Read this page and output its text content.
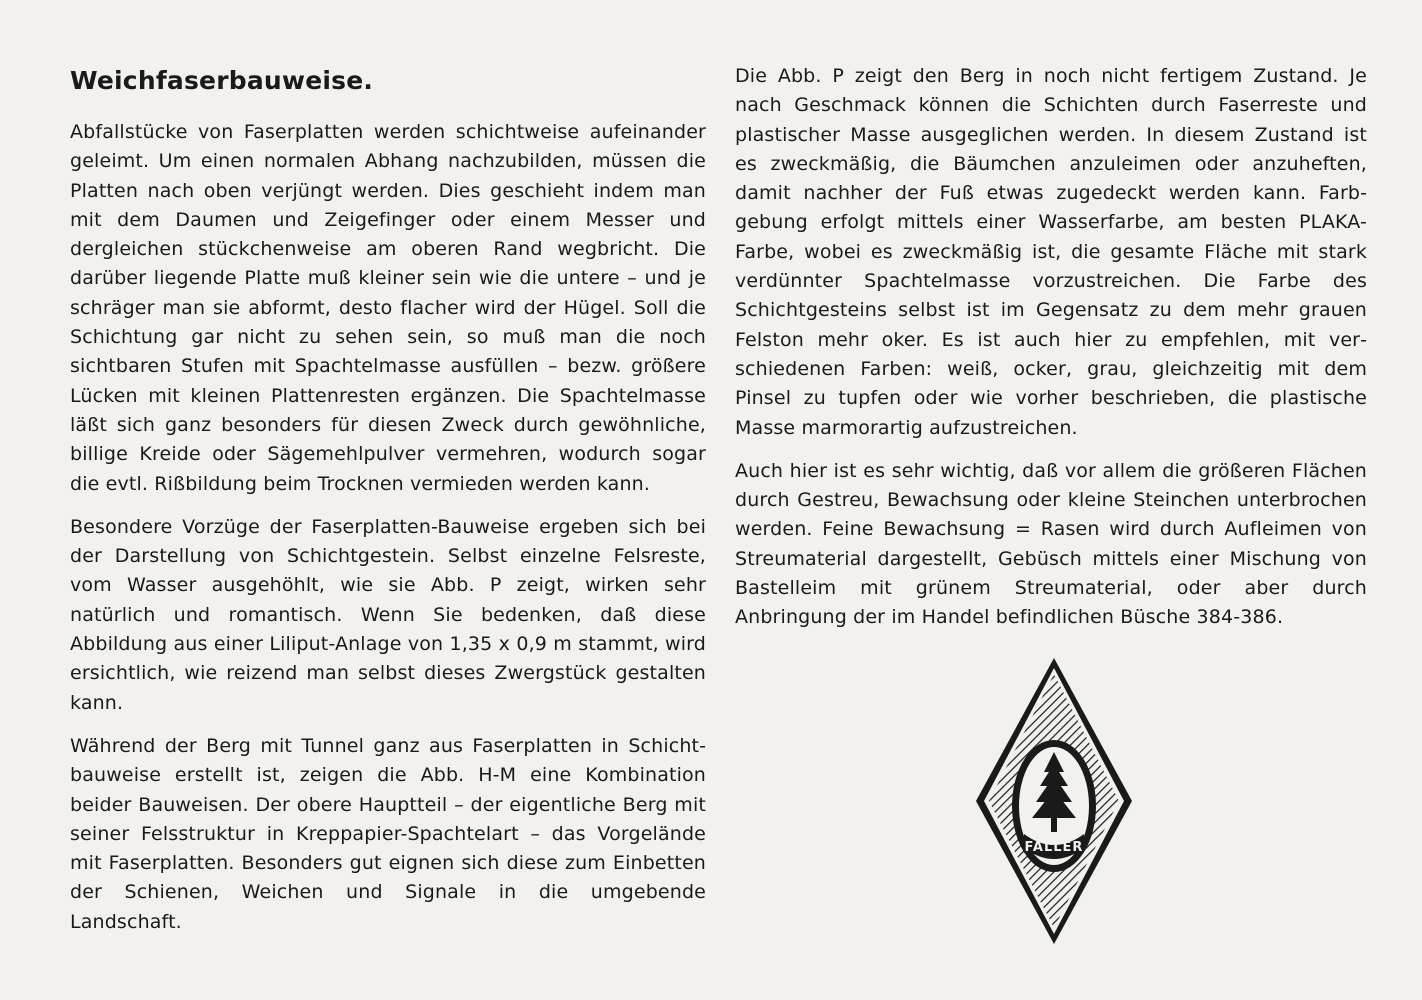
Weichfaserbauweise.

Abfallstücke von Faserplatten werden schichtweise aufeinander geleimt. Um einen normalen Abhang nachzubilden, müssen die Platten nach oben verjüngt werden. Dies geschieht indem man mit dem Daumen und Zeigefinger oder einem Messer und dergleichen stückchenweise am oberen Rand wegbricht. Die darüber liegende Platte muß kleiner sein wie die untere – und je schräger man sie abformt, desto flacher wird der Hügel. Soll die Schichtung gar nicht zu sehen sein, so muß man die noch sichtbaren Stufen mit Spachtelmasse ausfüllen – bezw. größere Lücken mit kleinen Plattenresten ergänzen. Die Spachtelmasse läßt sich ganz besonders für diesen Zweck durch gewöhnliche, billige Kreide oder Sägemehlpulver vermehren, wodurch sogar die evtl. Rißbildung beim Trocknen vermieden werden kann.

Besondere Vorzüge der Faserplatten-Bauweise ergeben sich bei der Darstellung von Schichtgestein. Selbst einzelne Felsreste, vom Wasser ausgehöhlt, wie sie Abb. P zeigt, wirken sehr natürlich und romantisch. Wenn Sie bedenken, daß diese Abbildung aus einer Liliput-Anlage von 1,35 x 0,9 m stammt, wird ersichtlich, wie reizend man selbst dieses Zwergstück gestalten kann.

Während der Berg mit Tunnel ganz aus Faserplatten in Schichtbauweise erstellt ist, zeigen die Abb. H-M eine Kombination beider Bauweisen. Der obere Hauptteil – der eigentliche Berg mit seiner Felsstruktur in Kreppapier-Spachtelart – das Vorgelände mit Faserplatten. Besonders gut eignen sich diese zum Einbetten der Schienen, Weichen und Signale in die umgebende Landschaft.

Die Abb. P zeigt den Berg in noch nicht fertigem Zustand. Je nach Geschmack können die Schichten durch Faserreste und plastischer Masse ausgeglichen werden. In diesem Zustand ist es zweckmäßig, die Bäumchen anzuleimen oder anzuheften, damit nachher der Fuß etwas zugedeckt werden kann. Farbgebung erfolgt mittels einer Wasserfarbe, am besten PLAKA-Farbe, wobei es zweckmäßig ist, die gesamte Fläche mit stark verdünnter Spachtelmasse vorzustreichen. Die Farbe des Schichtgesteins selbst ist im Gegensatz zu dem mehr grauen Felston mehr oker. Es ist auch hier zu empfehlen, mit verschiedenen Farben: weiß, ocker, grau, gleichzeitig mit dem Pinsel zu tupfen oder wie vorher beschrieben, die plastische Masse marmorartig aufzustreichen.

Auch hier ist es sehr wichtig, daß vor allem die größeren Flächen durch Gestreu, Bewachsung oder kleine Steinchen unterbrochen werden. Feine Bewachsung = Rasen wird durch Aufleimen von Streumaterial dargestellt, Gebüsch mittels einer Mischung von Bastelleim mit grünem Streumaterial, oder aber durch Anbringung der im Handel befindlichen Büsche 384-386.

FALLER
